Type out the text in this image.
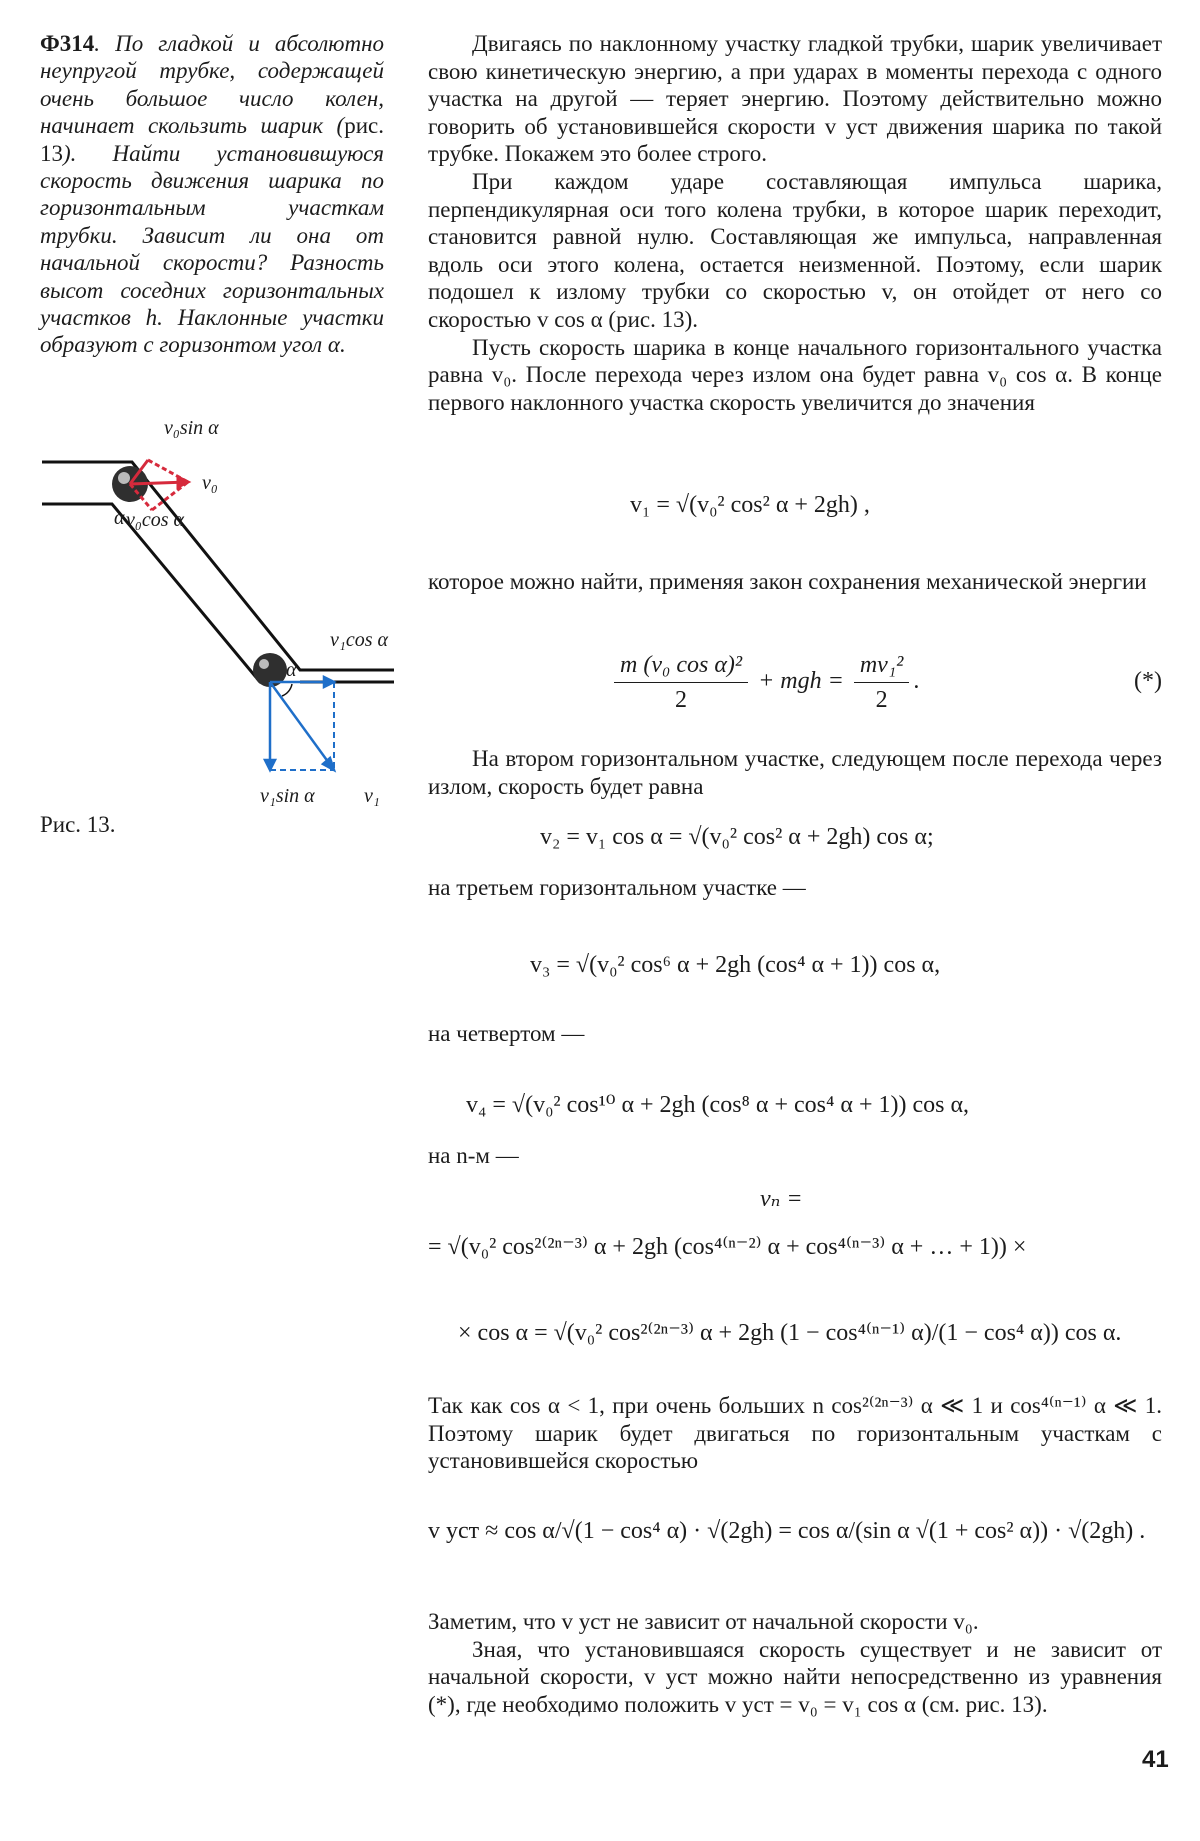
Ф314. По гладкой и абсолютно неупругой трубке, содержащей очень большое число колен, начинает скользить шарик (рис. 13). Найти установившуюся скорость движения шарика по горизонтальным участкам трубки. Зависит ли она от начальной скорости? Разность высот соседних горизонтальных участков h. Наклонные участки образуют с горизонтом угол α.
v₀sin α
v₀
v₀cos α
α
v₁cos α
α
v₁sin α v₁
Рис. 13.

Двигаясь по наклонному участку гладкой трубки, шарик увеличивает свою кинетическую энергию, а при ударах в моменты перехода с одного участка на другой — теряет энергию. Поэтому действительно можно говорить об установившейся скорости v уст движения шарика по такой трубке. Покажем это более строго.

При каждом ударе составляющая импульса шарика, перпендикулярная оси того колена трубки, в которое шарик переходит, становится равной нулю. Составляющая же импульса, направленная вдоль оси этого колена, остается неизменной. Поэтому, если шарик подошел к излому трубки со скоростью v, он отойдет от него со скоростью v cos α (рис. 13).

Пусть скорость шарика в конце начального горизонтального участка равна v₀. После перехода через излом она будет равна v₀ cos α. В конце первого наклонного участка скорость увеличится до значения

v₁ = √(v₀² cos² α + 2gh) ,

которое можно найти, применяя закон сохранения механической энергии

$\frac{\text{m (v₀ cos α)²}}{2}$ + mgh = $\frac{\text{mv₁²}}{2}$ .	(*)

На втором горизонтальном участке, следующем после перехода через излом, скорость будет равна

v₂ = v₁ cos α = √(v₀² cos² α + 2gh) cos α;

на третьем горизонтальном участке —

v₃ = √(v₀² cos⁶ α + 2gh (cos⁴ α + 1)) cos α,

на четвертом —

v₄ = √(v₀² cos¹⁰ α + 2gh (cos⁸ α + cos⁴ α + 1)) cos α,

на n-м —

vₙ =
= √(v₀² cos²⁽²ⁿ⁻³⁾ α + 2gh (cos⁴⁽ⁿ⁻²⁾ α + cos⁴⁽ⁿ⁻³⁾ α + … + 1)) ×
× cos α = √(v₀² cos²⁽²ⁿ⁻³⁾ α + 2gh (1 − cos⁴⁽ⁿ⁻¹⁾ α)/(1 − cos⁴ α)) cos α.

Так как cos α < 1, при очень больших n cos²⁽²ⁿ⁻³⁾ α ≪ 1 и cos⁴⁽ⁿ⁻¹⁾ α ≪ 1. Поэтому шарик будет двигаться по горизонтальным участкам с установившейся скоростью

v уст ≈ cos α/√(1 − cos⁴ α) · √(2gh) = cos α/(sin α √(1 + cos² α)) · √(2gh) .

Заметим, что v уст не зависит от начальной скорости v₀.

Зная, что установившаяся скорость существует и не зависит от начальной скорости, v уст можно найти непосредственно из уравнения (*), где необходимо положить v уст = v₀ = v₁ cos α (см. рис. 13).

41
